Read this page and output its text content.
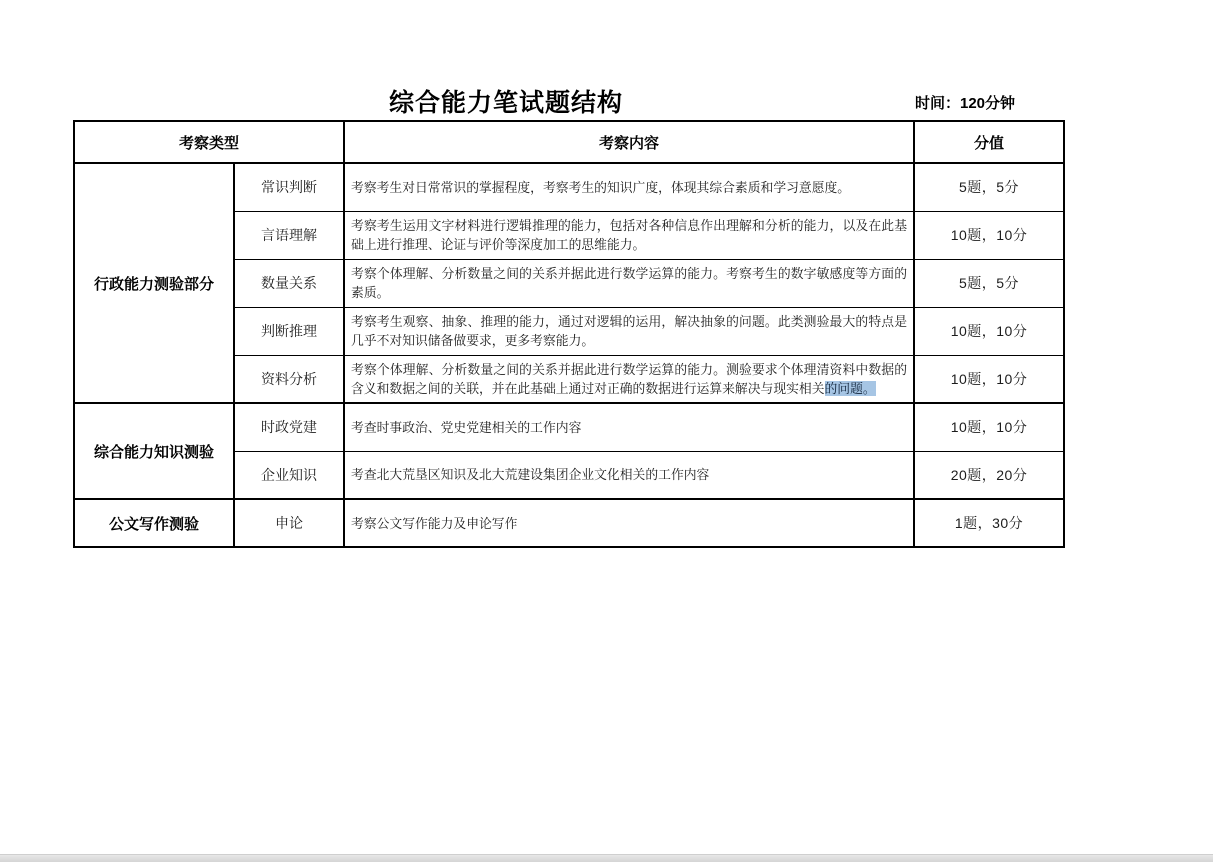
综合能力笔试题结构	时间：120分钟
考察类型		考察内容	分值
行政能力测验部分	常识判断	考察考生对日常常识的掌握程度，考察考生的知识广度，体现其综合素质和学习意愿度。	5题，5分
	言语理解	考察考生运用文字材料进行逻辑推理的能力，包括对各种信息作出理解和分析的能力，以及在此基础上进行推理、论证与评价等深度加工的思维能力。	10题，10分
	数量关系	考察个体理解、分析数量之间的关系并据此进行数学运算的能力。考察考生的数字敏感度等方面的素质。	5题，5分
	判断推理	考察考生观察、抽象、推理的能力，通过对逻辑的运用，解决抽象的问题。此类测验最大的特点是几乎不对知识储备做要求，更多考察能力。	10题，10分
	资料分析	考察个体理解、分析数量之间的关系并据此进行数学运算的能力。测验要求个体理清资料中数据的含义和数据之间的关联，并在此基础上通过对正确的数据进行运算来解决与现实相关的问题。	10题，10分
综合能力知识测验	时政党建	考查时事政治、党史党建相关的工作内容	10题，10分
	企业知识	考查北大荒垦区知识及北大荒建设集团企业文化相关的工作内容	20题，20分
公文写作测验	申论	考察公文写作能力及申论写作	1题，30分
